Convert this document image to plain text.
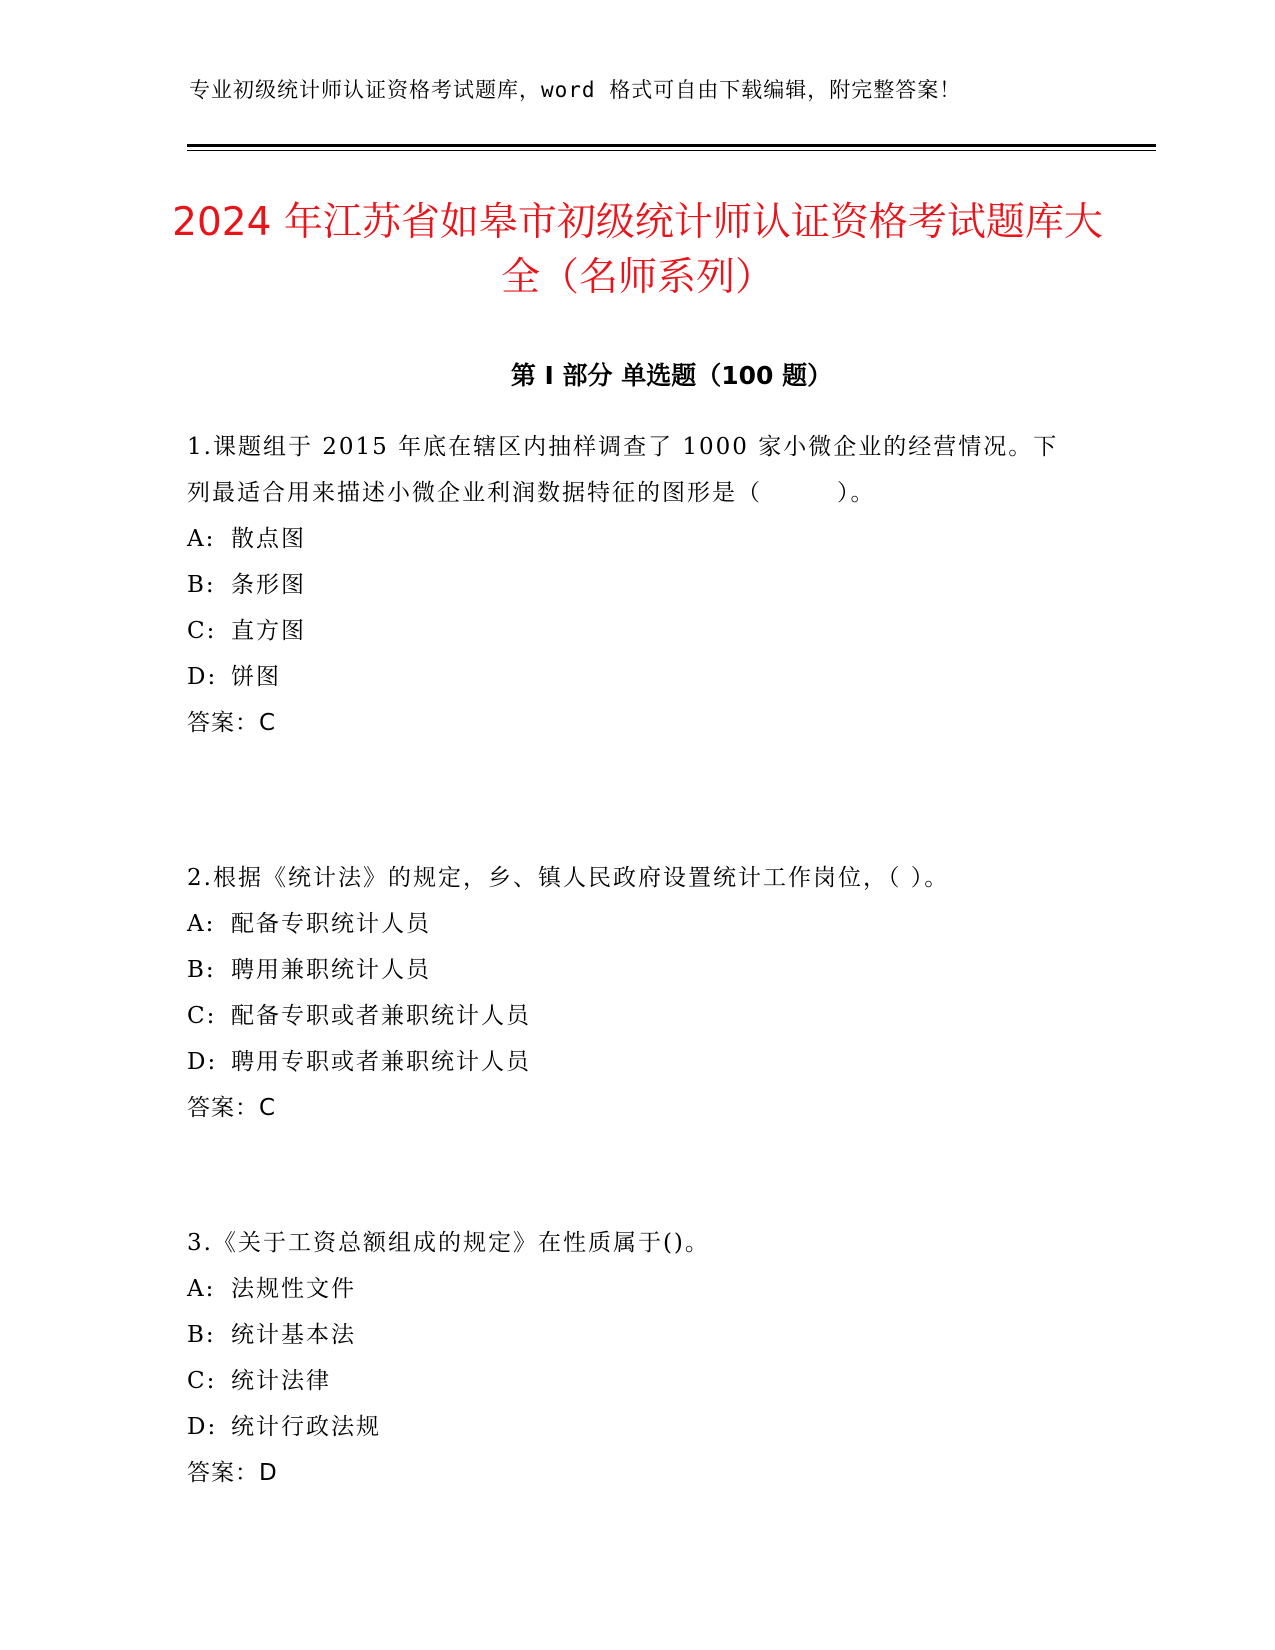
专业初级统计师认证资格考试题库，word 格式可自由下载编辑，附完整答案！
2024 年江苏省如皋市初级统计师认证资格考试题库大全（名师系列）
第 I 部分 单选题（100 题）

1.课题组于 2015 年底在辖区内抽样调查了 1000 家小微企业的经营情况。下列最适合用来描述小微企业利润数据特征的图形是（　　　）。

A: 散点图

B: 条形图

C: 直方图

D: 饼图

答案：C

2.根据《统计法》的规定，乡、镇人民政府设置统计工作岗位，（ ）。

A: 配备专职统计人员

B: 聘用兼职统计人员

C: 配备专职或者兼职统计人员

D: 聘用专职或者兼职统计人员

答案：C

3.《关于工资总额组成的规定》在性质属于()。

A: 法规性文件

B: 统计基本法

C: 统计法律

D: 统计行政法规

答案：D
